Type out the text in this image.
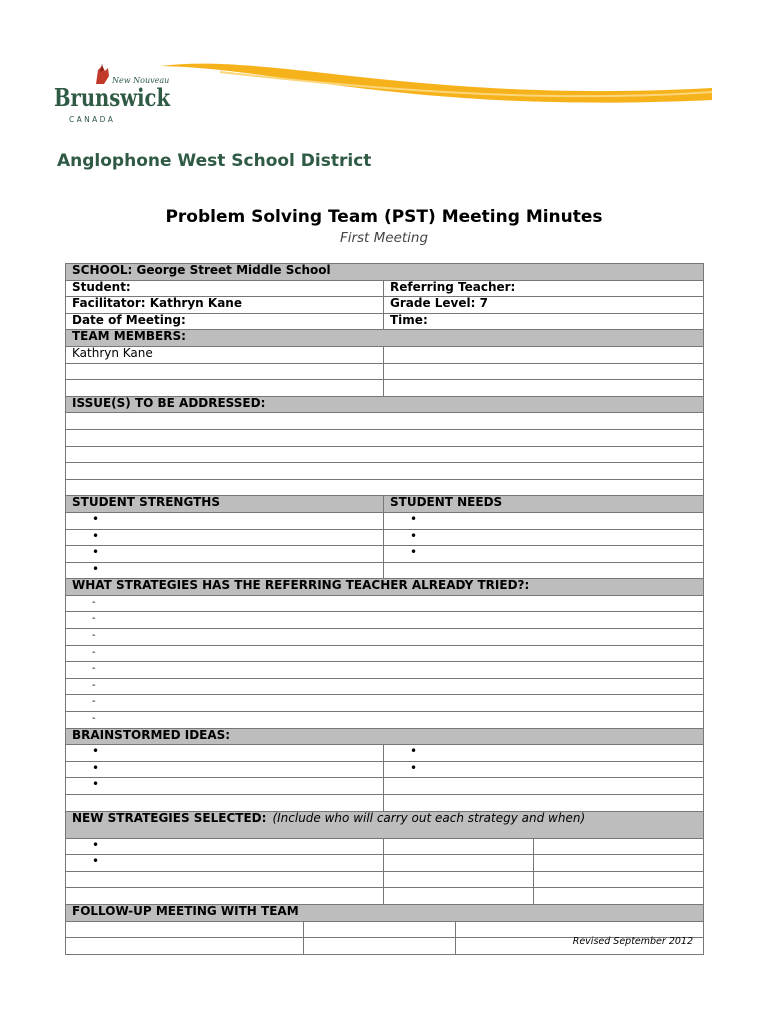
New Nouveau
Brunswick
C A N A D A
Anglophone West School District
Problem Solving Team (PST) Meeting Minutes
First Meeting
SCHOOL: George Street Middle School				
Student:		Referring Teacher:		
Facilitator: Kathryn Kane		Grade Level: 7		
Date of Meeting:		Time:		
TEAM MEMBERS:				
Kathryn Kane				

ISSUE(S) TO BE ADDRESSED:				

STUDENT STRENGTHS		STUDENT NEEDS		
•		•		
•		•		
•		•		
•				
WHAT STRATEGIES HAS THE REFERRING TEACHER ALREADY TRIED?:				
-				
-				
-				
-				
-				
-				
-				
-				
BRAINSTORMED IDEAS:				
•		•		
•		•		
•				

NEW STRATEGIES SELECTED: (Include who will carry out each strategy and when)				
•				
•				

FOLLOW-UP MEETING WITH TEAM				

Revised September 2012
